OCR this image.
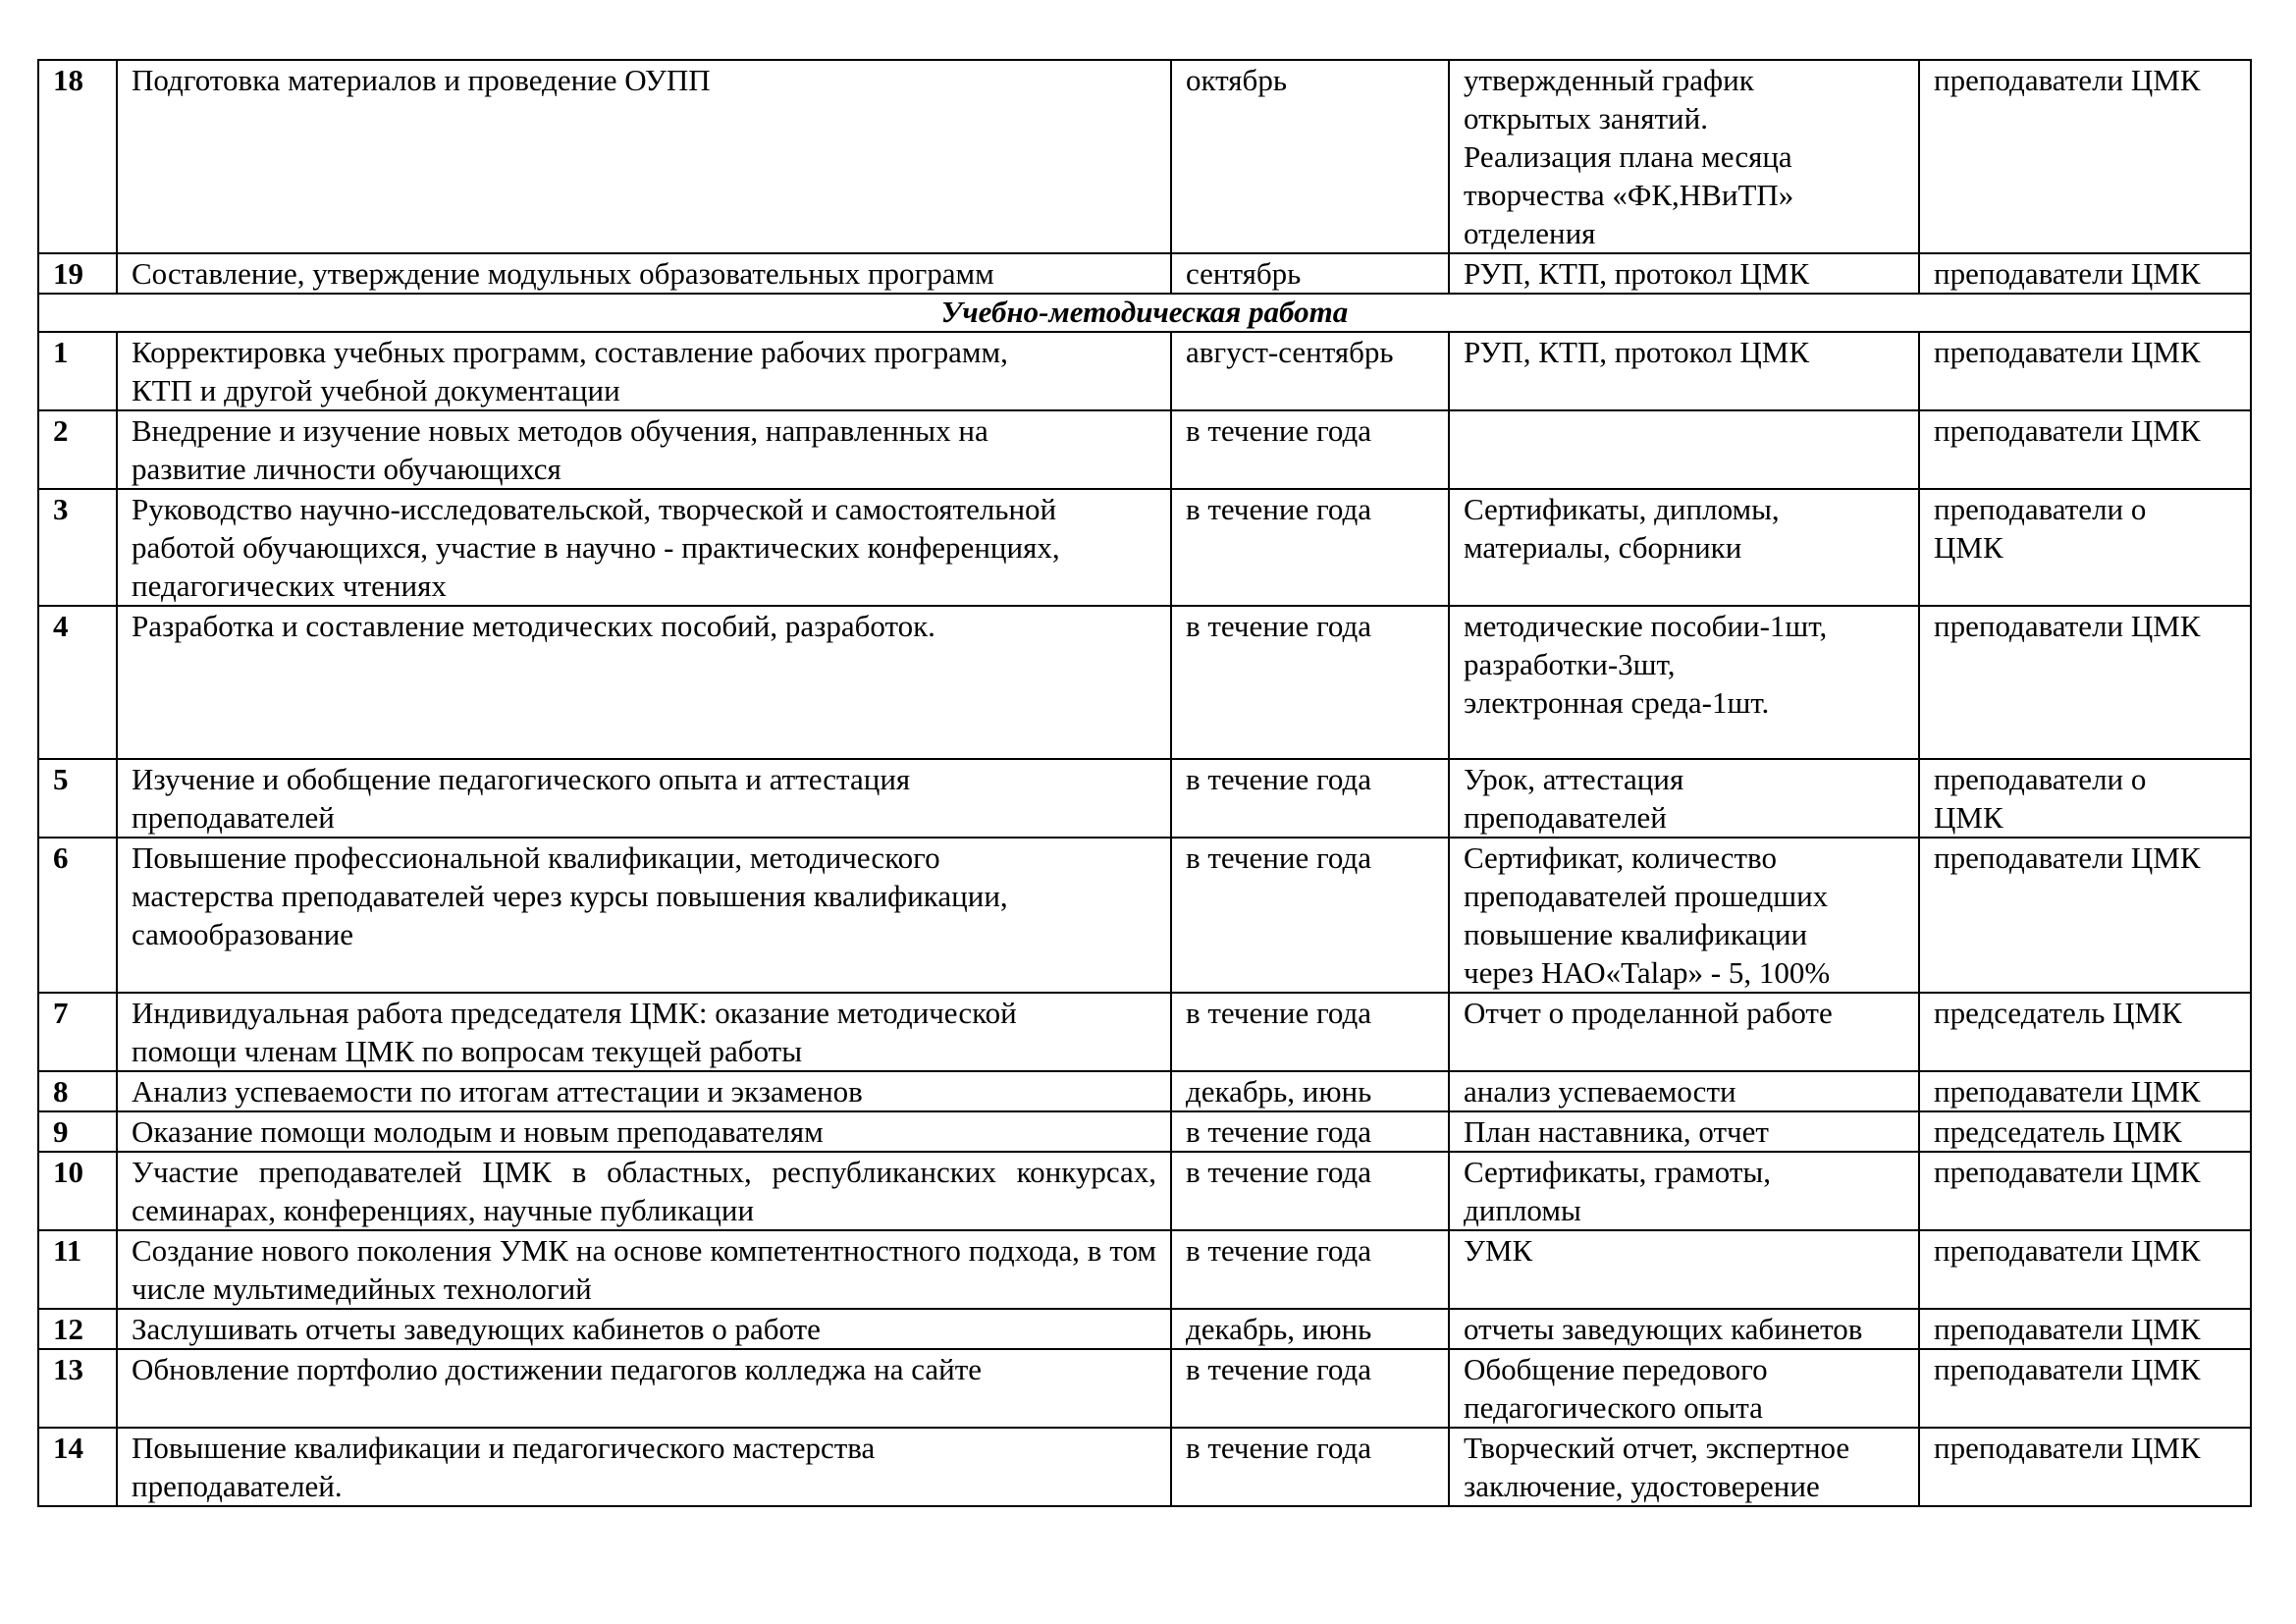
18	Подготовка материалов и проведение ОУПП	октябрь	утвержденный график
открытых занятий.
Реализация плана месяца
творчества «ФК,НВиТП»
отделения	преподаватели ЦМК
19	Составление, утверждение модульных образовательных программ	сентябрь	РУП, КТП, протокол ЦМК	преподаватели ЦМК
Учебно-методическая работа				
1	Корректировка учебных программ, составление рабочих программ,
КТП и другой учебной документации	август-сентябрь	РУП, КТП, протокол ЦМК	преподаватели ЦМК
2	Внедрение и изучение новых методов обучения, направленных на
развитие личности обучающихся	в течение года		преподаватели ЦМК
3	Руководство научно-исследовательской, творческой и самостоятельной
работой обучающихся, участие в научно - практических конференциях,
педагогических чтениях	в течение года	Сертификаты, дипломы,
материалы, сборники	преподаватели о
ЦМК
4	Разработка и составление методических пособий, разработок.	в течение года	методические пособии-1шт,
разработки-3шт,
электронная среда-1шт.	преподаватели ЦМК
5	Изучение и обобщение педагогического опыта и аттестация
преподавателей	в течение года	Урок, аттестация
преподавателей	преподаватели о
ЦМК
6	Повышение профессиональной квалификации, методического
мастерства преподавателей через курсы повышения квалификации,
самообразование	в течение года	Сертификат, количество
преподавателей прошедших
повышение квалификации
через НАО«Talap» - 5, 100%	преподаватели ЦМК
7	Индивидуальная работа председателя ЦМК: оказание методической
помощи членам ЦМК по вопросам текущей работы	в течение года	Отчет о проделанной работе	председатель ЦМК
8	Анализ успеваемости по итогам аттестации и экзаменов	декабрь, июнь	анализ успеваемости	преподаватели ЦМК
9	Оказание помощи молодым и новым преподавателям	в течение года	План наставника, отчет	председатель ЦМК
10	Участие преподавателей ЦМК в областных, республиканских конкурсах, семинарах, конференциях, научные публикации	в течение года	Сертификаты, грамоты,
дипломы	преподаватели ЦМК
11	Создание нового поколения УМК на основе компетентностного подхода, в том числе мультимедийных технологий	в течение года	УМК	преподаватели ЦМК
12	Заслушивать отчеты заведующих кабинетов о работе	декабрь, июнь	отчеты заведующих кабинетов	преподаватели ЦМК
13	Обновление портфолио достижении педагогов колледжа на сайте	в течение года	Обобщение передового
педагогического опыта	преподаватели ЦМК
14	Повышение квалификации и педагогического мастерства
преподавателей.	в течение года	Творческий отчет, экспертное
заключение, удостоверение	преподаватели ЦМК
